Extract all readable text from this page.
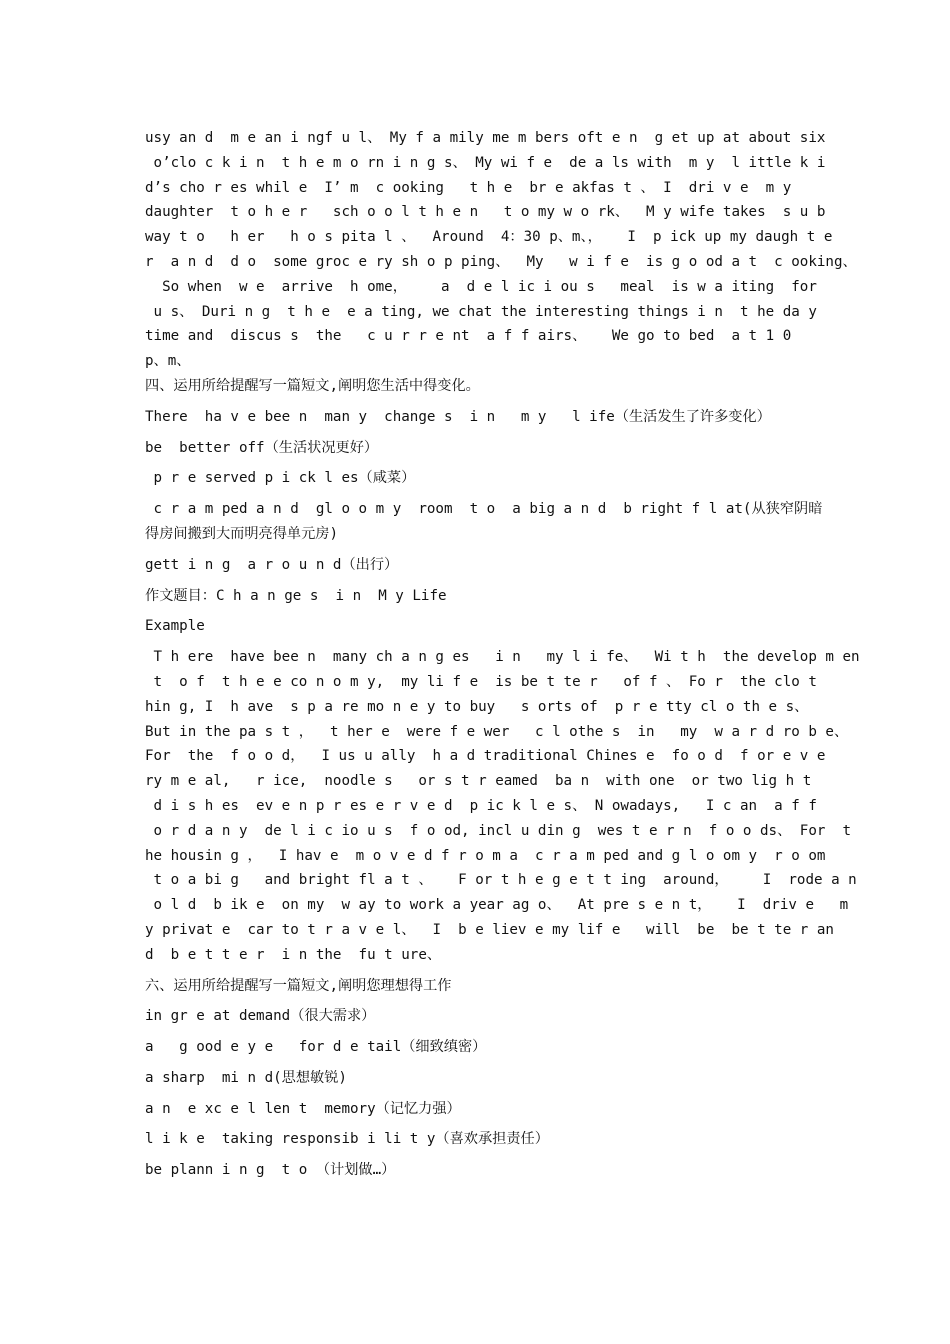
usy an d  m e an i ngf u l、 My f a mily me m bers oft e n  g et up at about six
o’clo c k i n  t h e m o rn i n g s、 My wi f e  de a ls with  m y  l ittle k i
d’s cho r es whil e  I’ m  c ooking   t h e  br e akfas t 、 I  dri v e  m y
daughter  t o h e r   sch o o l t h e n   t o my w o rk、  M y wife takes  s u b
way t o   h er   h o s pita l 、  Around  4：30 p、m、，   I  p ick up my daugh t e
r  a n d  d o  some groc e ry sh o p ping、  My   w i f e  is g o od a t  c ooking、
So when  w e  arrive  h ome，    a  d e l ic i ou s   meal  is w a iting  for
u s、 Duri n g  t h e  e a ting, we chat the interesting things i n  t he da y
time and  discus s  the   c u r r e nt  a f f airs、   We go to bed  a t 1 0
p、m、
四、运用所给提醒写一篇短文,阐明您生活中得变化。
There  ha v e bee n  man y  change s  i n   m y   l ife（生活发生了许多变化）
be  better off（生活状况更好）
p r e served p i ck l es（咸菜）
c r a m ped a n d  gl o o m y  room  t o  a big a n d  b right f l at(从狭窄阴暗
得房间搬到大而明亮得单元房)
gett i n g  a r o u n d（出行）
作文题目：C h a n ge s  i n  M y Life
Example
T h ere  have bee n  many ch a n g es   i n   my l i fe、  Wi t h  the develop m en
t  o f  t h e e co n o m y,  my li f e  is be t te r   of f 、 Fo r  the clo t
hin g, I  h ave  s p a re mo n e y to buy   s orts of  p r e tty cl o th e s、
But in the pa s t ，  t her e  were f e wer   c l othe s  in   my  w a r d ro b e、
For  the  f o o d，  I us u ally  h a d traditional Chines e  fo o d  f or e v e
ry m e al,   r ice,  noodle s   or s t r eamed  ba n  with one  or two lig h t
d i s h es  ev e n p r es e r v e d  p ic k l e s、 N owadays,   I c an  a f f
o r d a n y  de l i c io u s  f o od, incl u din g  wes t e r n  f o o ds、 For  t
he housin g ，  I hav e  m o v e d f r o m a  c r a m ped and g l o om y  r o om
t o a bi g   and bright fl a t 、   F or t h e g e t t ing  around，    I  rode a n
o l d  b ik e  on my  w ay to work a year ag o、  At pre s e n t，   I  driv e   m
y privat e  car to t r a v e l、  I  b e liev e my lif e   will  be  be t te r an
d  b e t t e r  i n the  fu t ure、
六、运用所给提醒写一篇短文,阐明您理想得工作
in gr e at demand（很大需求）
a   g ood e y e   for d e tail（细致缜密）
a sharp  mi n d(思想敏锐)
a n  e xc e l len t  memory（记忆力强）
l i k e  taking responsib i li t y（喜欢承担责任）
be plann i n g  t o （计划做…）
